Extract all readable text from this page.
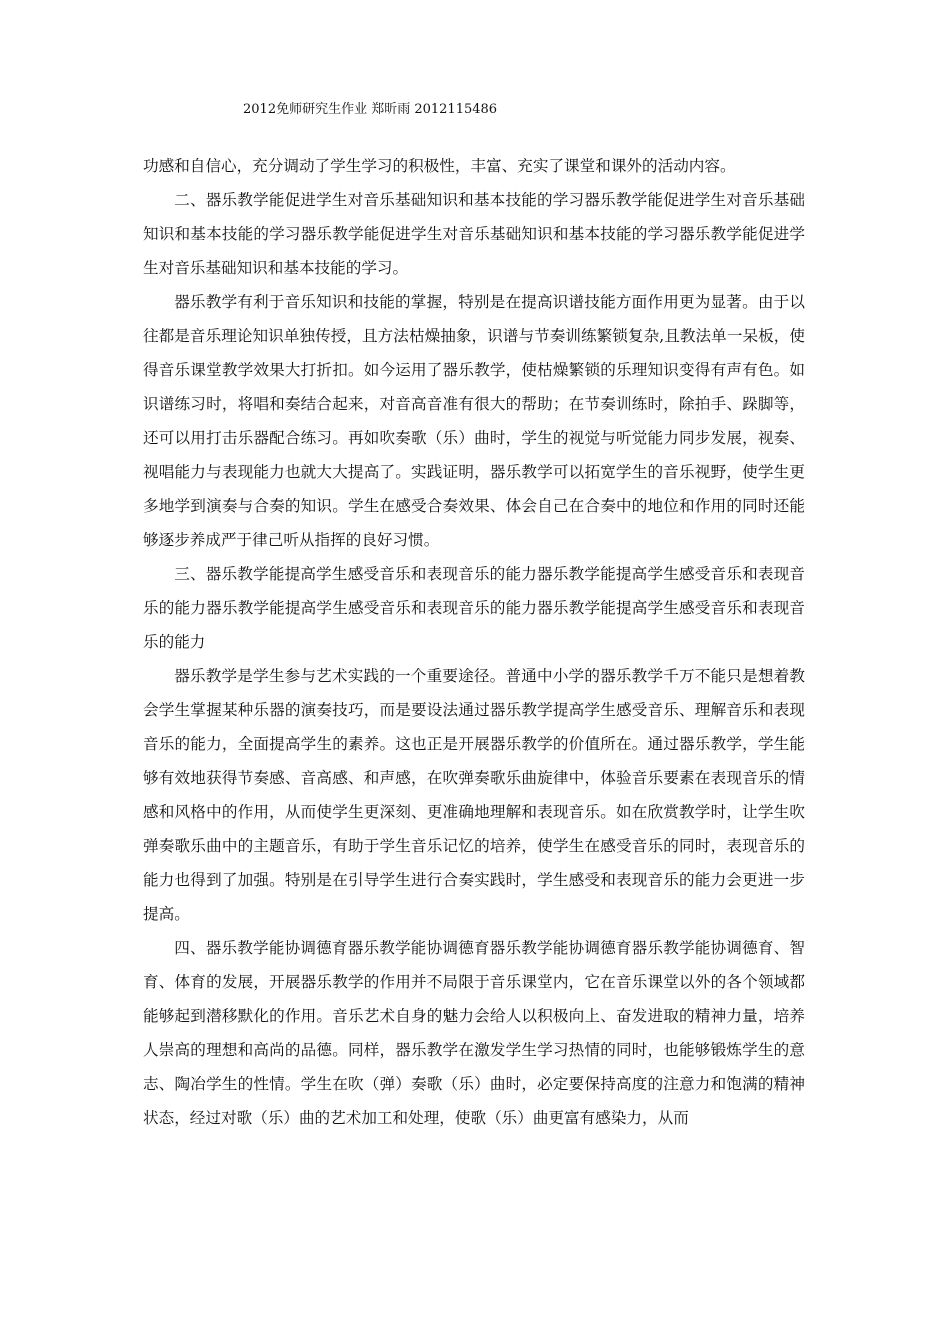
2012免师研究生作业 郑昕雨 2012115486

功感和自信心，充分调动了学生学习的积极性，丰富、充实了课堂和课外的活动内容。

二、器乐教学能促进学生对音乐基础知识和基本技能的学习器乐教学能促进学生对音乐基础知识和基本技能的学习器乐教学能促进学生对音乐基础知识和基本技能的学习器乐教学能促进学生对音乐基础知识和基本技能的学习。

器乐教学有利于音乐知识和技能的掌握，特别是在提高识谱技能方面作用更为显著。由于以往都是音乐理论知识单独传授，且方法枯燥抽象，识谱与节奏训练繁锁复杂,且教法单一呆板，使得音乐课堂教学效果大打折扣。如今运用了器乐教学，使枯燥繁锁的乐理知识变得有声有色。如识谱练习时，将唱和奏结合起来，对音高音准有很大的帮助；在节奏训练时，除拍手、跺脚等，还可以用打击乐器配合练习。再如吹奏歌（乐）曲时，学生的视觉与听觉能力同步发展，视奏、视唱能力与表现能力也就大大提高了。实践证明，器乐教学可以拓宽学生的音乐视野，使学生更多地学到演奏与合奏的知识。学生在感受合奏效果、体会自己在合奏中的地位和作用的同时还能够逐步养成严于律己听从指挥的良好习惯。

三、器乐教学能提高学生感受音乐和表现音乐的能力器乐教学能提高学生感受音乐和表现音乐的能力器乐教学能提高学生感受音乐和表现音乐的能力器乐教学能提高学生感受音乐和表现音乐的能力

器乐教学是学生参与艺术实践的一个重要途径。普通中小学的器乐教学千万不能只是想着教会学生掌握某种乐器的演奏技巧，而是要设法通过器乐教学提高学生感受音乐、理解音乐和表现音乐的能力，全面提高学生的素养。这也正是开展器乐教学的价值所在。通过器乐教学，学生能够有效地获得节奏感、音高感、和声感，在吹弹奏歌乐曲旋律中，体验音乐要素在表现音乐的情感和风格中的作用，从而使学生更深刻、更准确地理解和表现音乐。如在欣赏教学时，让学生吹弹奏歌乐曲中的主题音乐，有助于学生音乐记忆的培养，使学生在感受音乐的同时，表现音乐的能力也得到了加强。特别是在引导学生进行合奏实践时，学生感受和表现音乐的能力会更进一步提高。

四、器乐教学能协调德育器乐教学能协调德育器乐教学能协调德育器乐教学能协调德育、智育、体育的发展，开展器乐教学的作用并不局限于音乐课堂内，它在音乐课堂以外的各个领域都能够起到潜移默化的作用。音乐艺术自身的魅力会给人以积极向上、奋发进取的精神力量，培养人崇高的理想和高尚的品德。同样，器乐教学在激发学生学习热情的同时，也能够锻炼学生的意志、陶冶学生的性情。学生在吹（弹）奏歌（乐）曲时，必定要保持高度的注意力和饱满的精神状态，经过对歌（乐）曲的艺术加工和处理，使歌（乐）曲更富有感染力，从而
